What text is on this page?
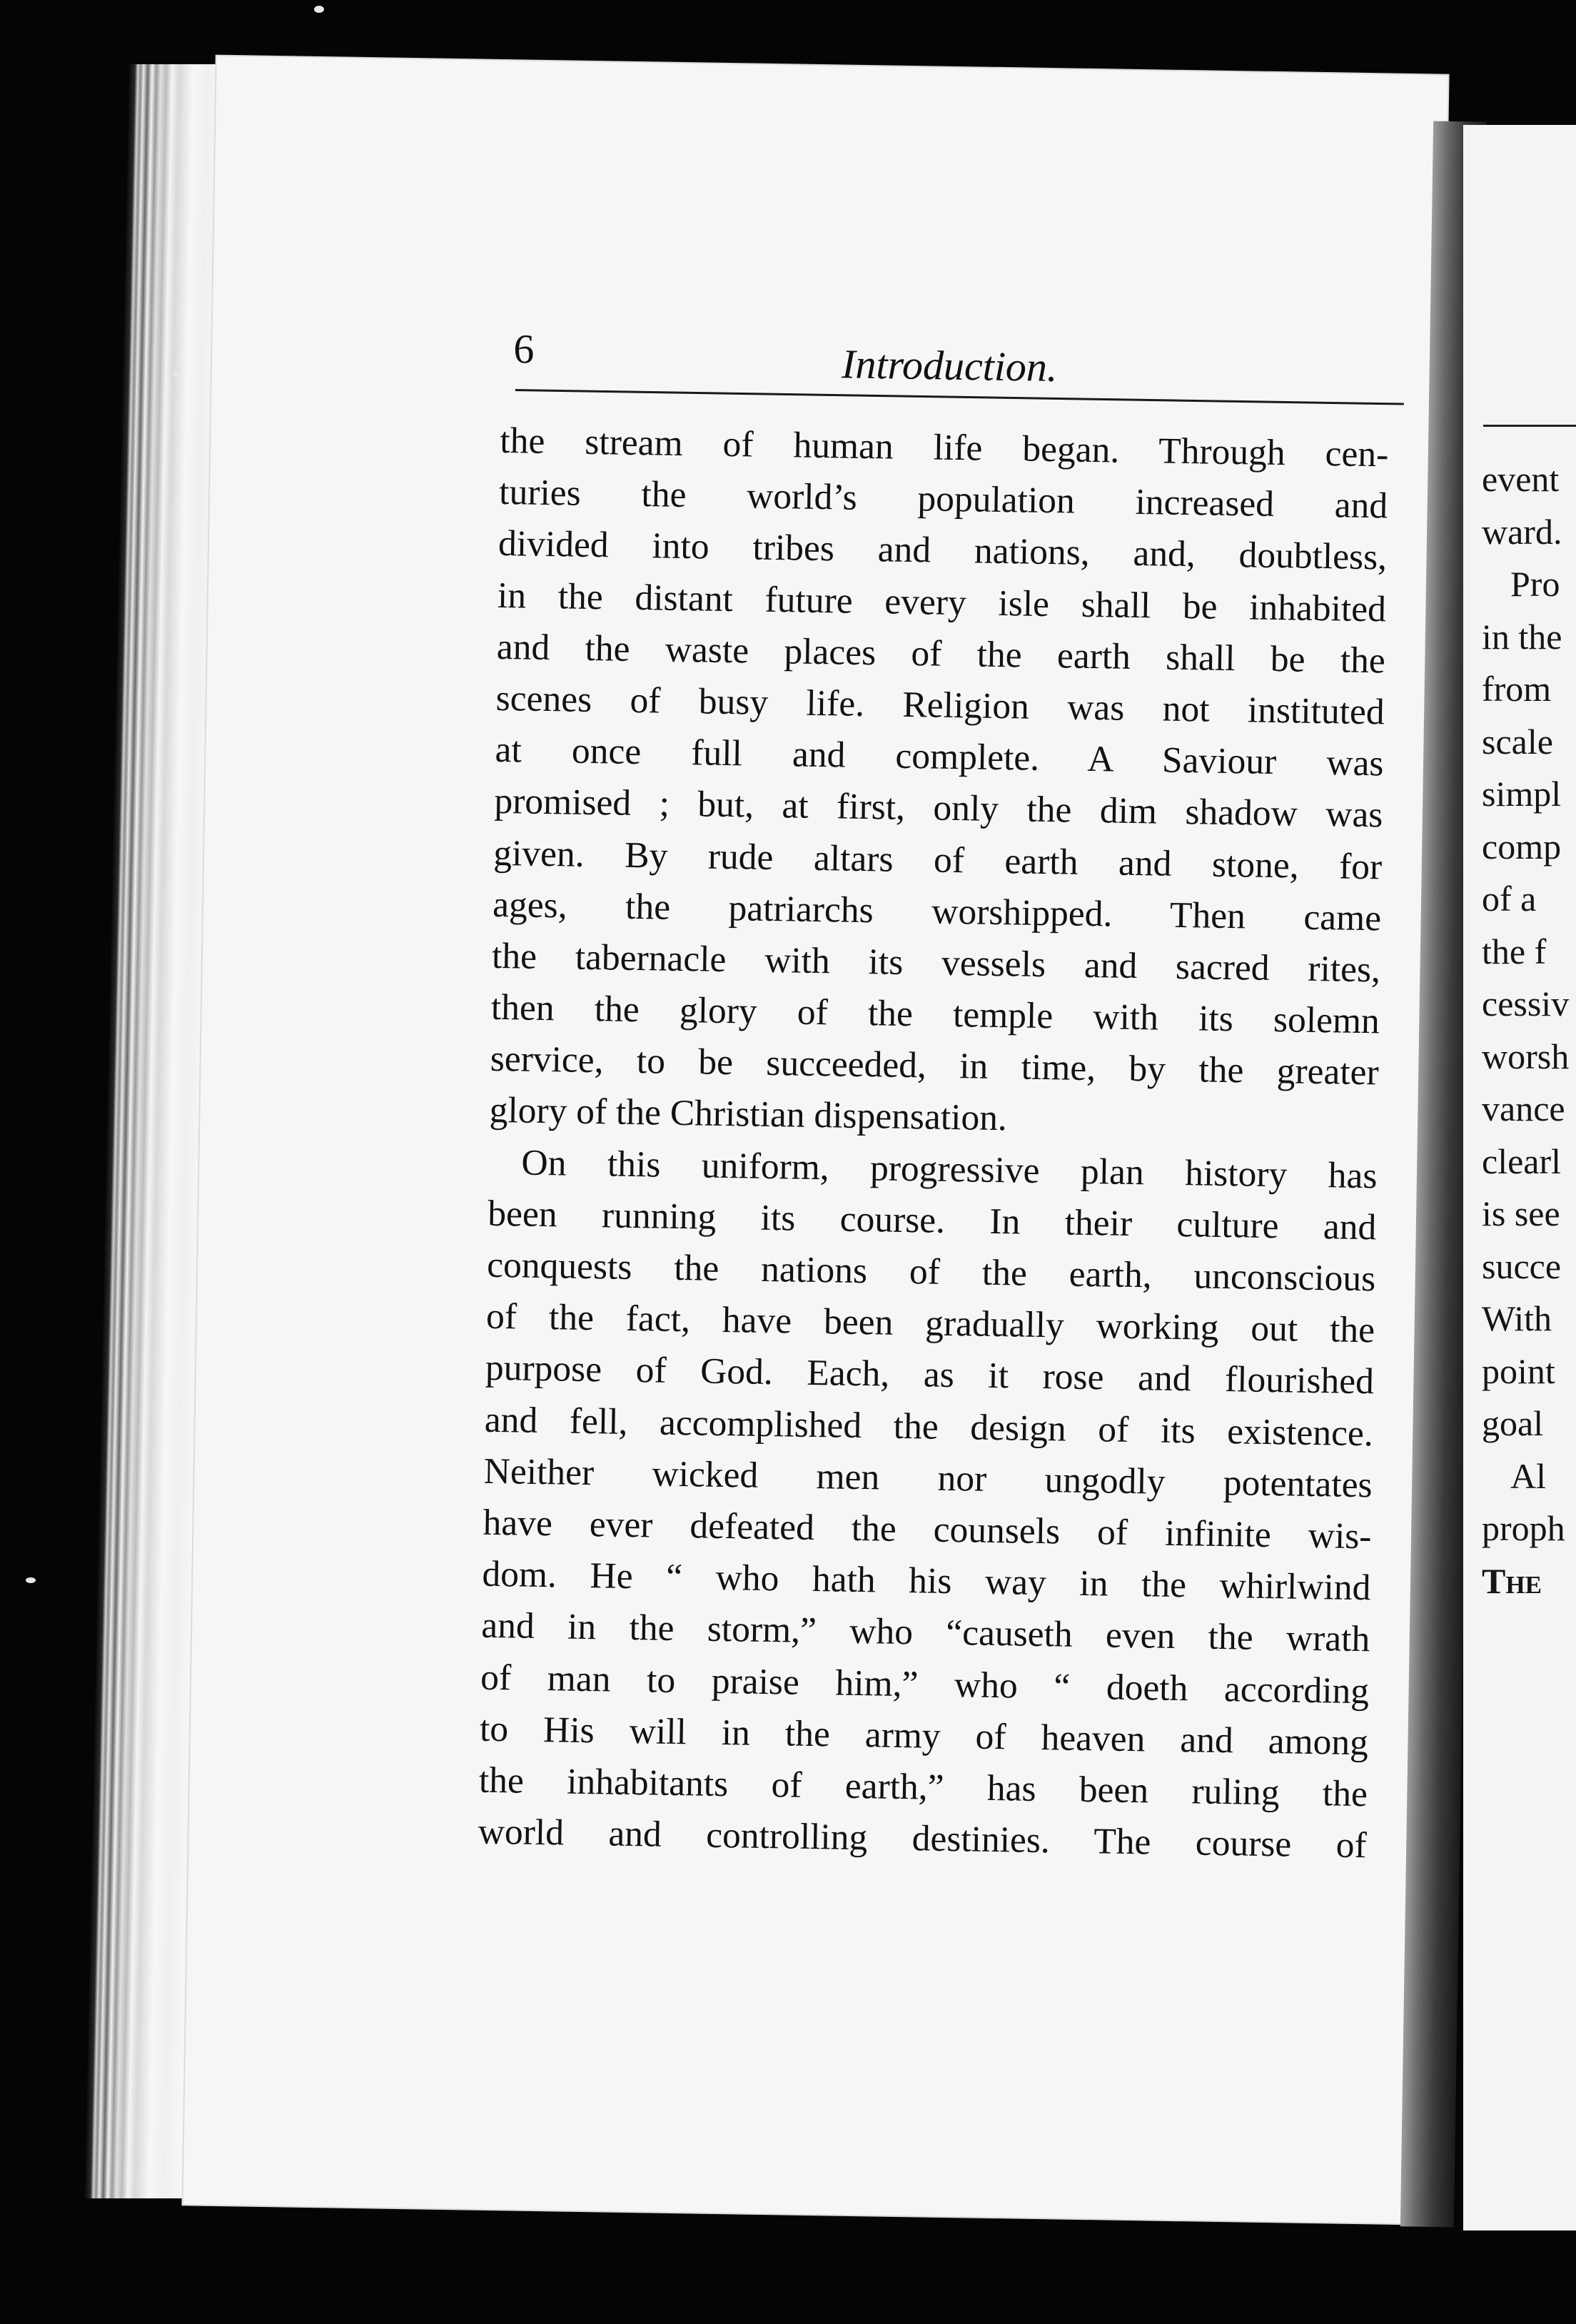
event
ward.
Pro
in the
from
scale
simpl
comp
of a
the f
cessiv
worsh
vance
clearl
is see
succe
With
point
goal
Al
proph
The
6	Introduction.
the stream of human life began. Through cen-
turies the world’s population increased and
divided into tribes and nations, and, doubtless,
in the distant future every isle shall be inhabited
and the waste places of the earth shall be the
scenes of busy life. Religion was not instituted
at once full and complete. A Saviour was
promised ; but, at first, only the dim shadow was
given. By rude altars of earth and stone, for
ages, the patriarchs worshipped. Then came
the tabernacle with its vessels and sacred rites,
then the glory of the temple with its solemn
service, to be succeeded, in time, by the greater
glory of the Christian dispensation.
On this uniform, progressive plan history has
been running its course. In their culture and
conquests the nations of the earth, unconscious
of the fact, have been gradually working out the
purpose of God. Each, as it rose and flourished
and fell, accomplished the design of its existence.
Neither wicked men nor ungodly potentates
have ever defeated the counsels of infinite wis-
dom. He “ who hath his way in the whirlwind
and in the storm,” who “causeth even the wrath
of man to praise him,” who “ doeth according
to His will in the army of heaven and among
the inhabitants of earth,” has been ruling the
world and controlling destinies. The course of
